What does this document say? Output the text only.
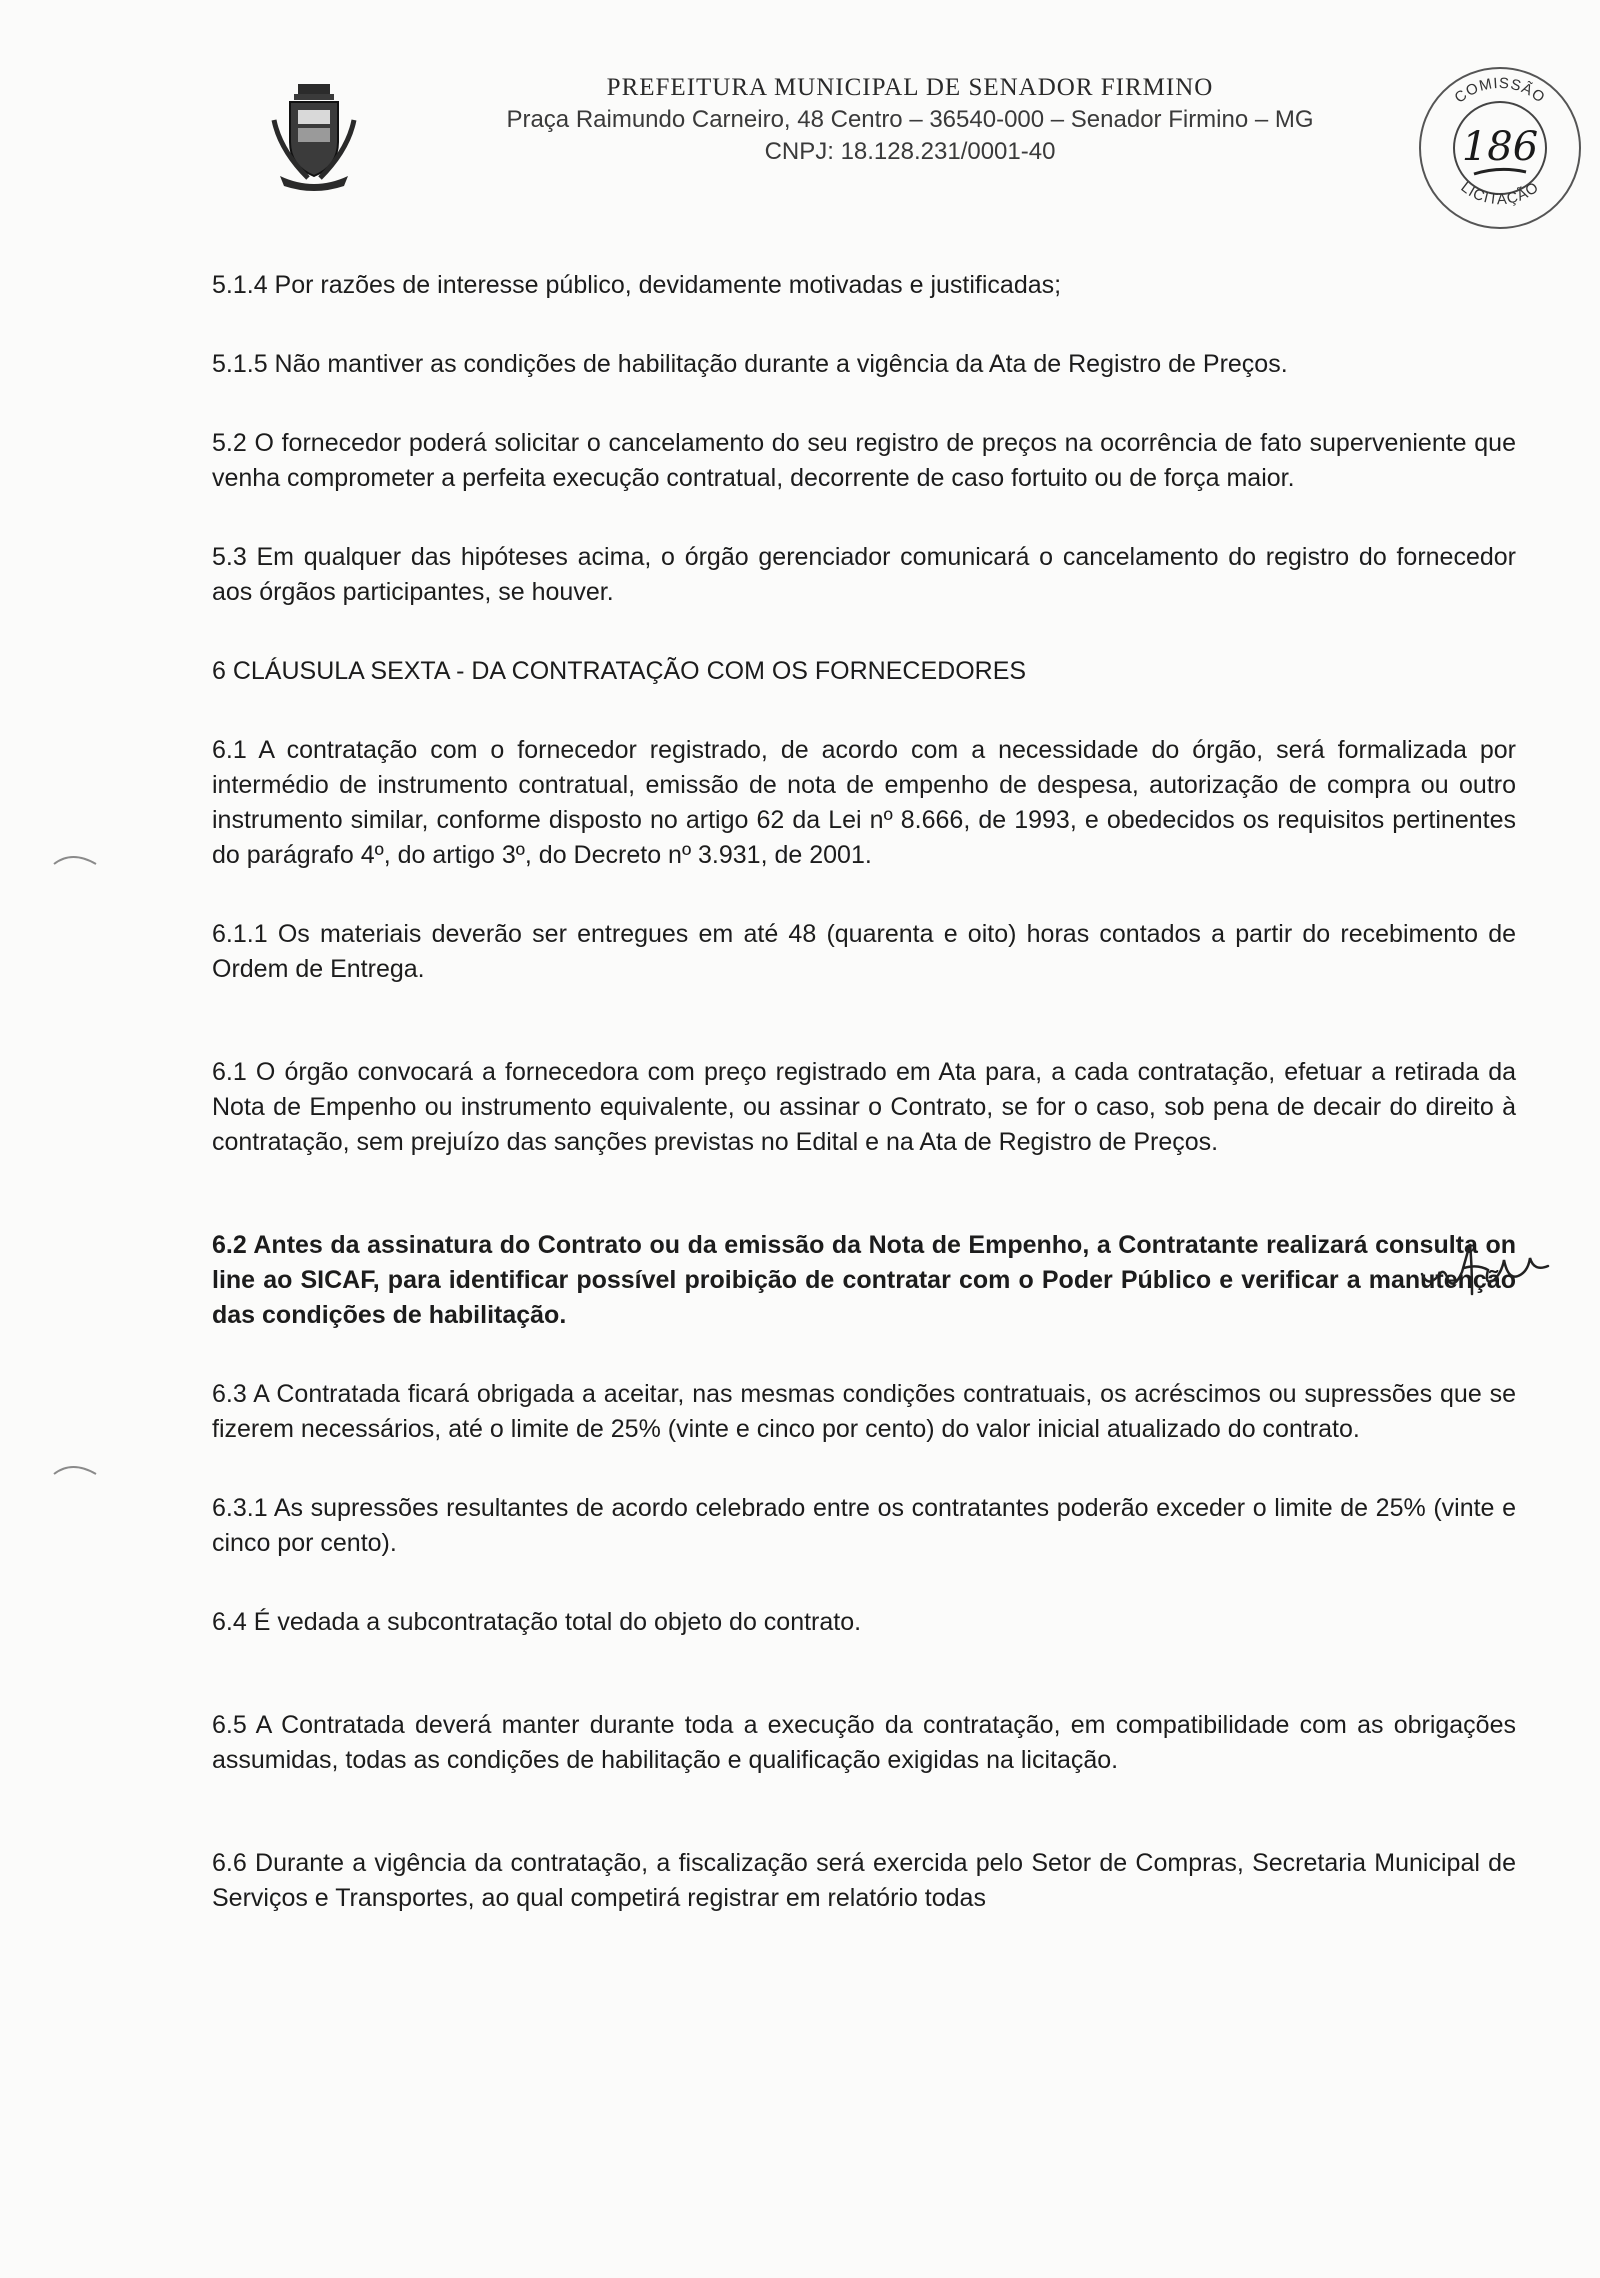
PREFEITURA MUNICIPAL DE SENADOR FIRMINO

Praça Raimundo Carneiro, 48 Centro – 36540-000 – Senador Firmino – MG

CNPJ: 18.128.231/0001-40

COMISSÃO
LICITAÇÃO
186

5.1.4 Por razões de interesse público, devidamente motivadas e justificadas;

5.1.5 Não mantiver as condições de habilitação durante a vigência da Ata de Registro de Preços.

5.2 O fornecedor poderá solicitar o cancelamento do seu registro de preços na ocorrência de fato superveniente que venha comprometer a perfeita execução contratual, decorrente de caso fortuito ou de força maior.

5.3 Em qualquer das hipóteses acima, o órgão gerenciador comunicará o cancelamento do registro do fornecedor aos órgãos participantes, se houver.

6 CLÁUSULA SEXTA - DA CONTRATAÇÃO COM OS FORNECEDORES

6.1 A contratação com o fornecedor registrado, de acordo com a necessidade do órgão, será formalizada por intermédio de instrumento contratual, emissão de nota de empenho de despesa, autorização de compra ou outro instrumento similar, conforme disposto no artigo 62 da Lei nº 8.666, de 1993, e obedecidos os requisitos pertinentes do parágrafo 4º, do artigo 3º, do Decreto nº 3.931, de 2001.

6.1.1 Os materiais deverão ser entregues em até 48 (quarenta e oito) horas contados a partir do recebimento de Ordem de Entrega.

6.1 O órgão convocará a fornecedora com preço registrado em Ata para, a cada contratação, efetuar a retirada da Nota de Empenho ou instrumento equivalente, ou assinar o Contrato, se for o caso, sob pena de decair do direito à contratação, sem prejuízo das sanções previstas no Edital e na Ata de Registro de Preços.

6.2 Antes da assinatura do Contrato ou da emissão da Nota de Empenho, a Contratante realizará consulta on line ao SICAF, para identificar possível proibição de contratar com o Poder Público e verificar a manutenção das condições de habilitação.

6.3 A Contratada ficará obrigada a aceitar, nas mesmas condições contratuais, os acréscimos ou supressões que se fizerem necessários, até o limite de 25% (vinte e cinco por cento) do valor inicial atualizado do contrato.

6.3.1 As supressões resultantes de acordo celebrado entre os contratantes poderão exceder o limite de 25% (vinte e cinco por cento).

6.4 É vedada a subcontratação total do objeto do contrato.

6.5 A Contratada deverá manter durante toda a execução da contratação, em compatibilidade com as obrigações assumidas, todas as condições de habilitação e qualificação exigidas na licitação.

6.6 Durante a vigência da contratação, a fiscalização será exercida pelo Setor de Compras, Secretaria Municipal de Serviços e Transportes, ao qual competirá registrar em relatório todas
